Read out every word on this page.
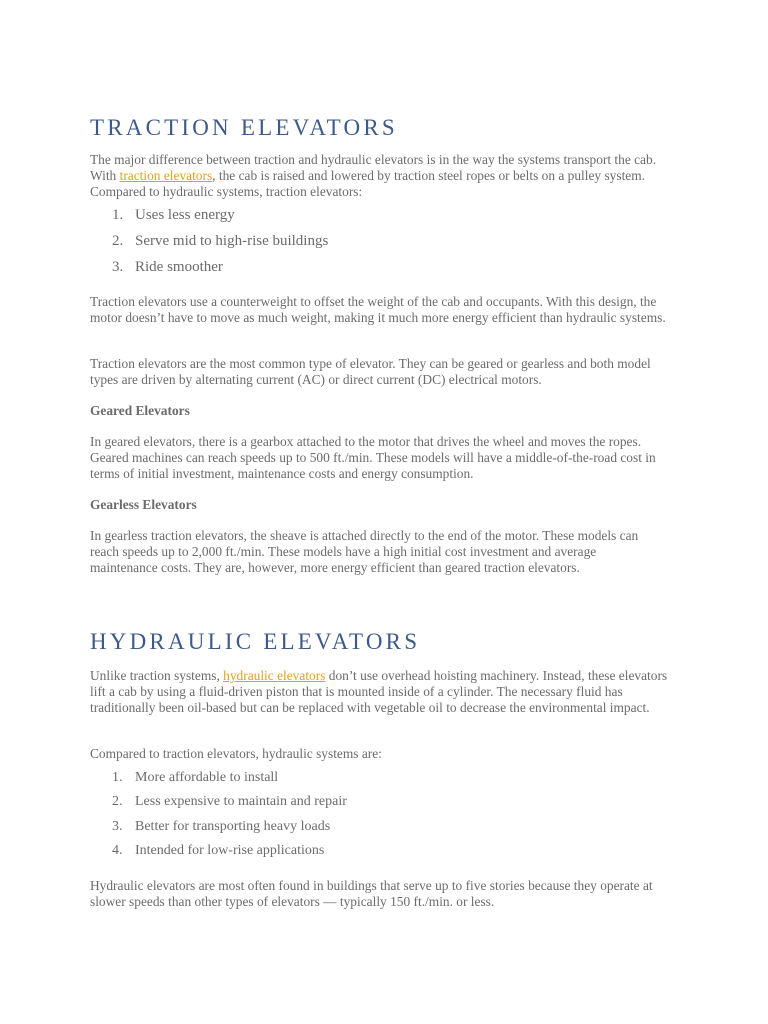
TRACTION ELEVATORS

The major difference between traction and hydraulic elevators is in the way the systems transport the cab. With traction elevators, the cab is raised and lowered by traction steel ropes or belts on a pulley system. Compared to hydraulic systems, traction elevators:

1. Uses less energy
2. Serve mid to high-rise buildings
3. Ride smoother

Traction elevators use a counterweight to offset the weight of the cab and occupants. With this design, the motor doesn’t have to move as much weight, making it much more energy efficient than hydraulic systems.

Traction elevators are the most common type of elevator. They can be geared or gearless and both model types are driven by alternating current (AC) or direct current (DC) electrical motors.

Geared Elevators

In geared elevators, there is a gearbox attached to the motor that drives the wheel and moves the ropes. Geared machines can reach speeds up to 500 ft./min. These models will have a middle-of-the-road cost in terms of initial investment, maintenance costs and energy consumption.

Gearless Elevators

In gearless traction elevators, the sheave is attached directly to the end of the motor. These models can reach speeds up to 2,000 ft./min. These models have a high initial cost investment and average maintenance costs. They are, however, more energy efficient than geared traction elevators.

HYDRAULIC ELEVATORS

Unlike traction systems, hydraulic elevators don’t use overhead hoisting machinery. Instead, these elevators lift a cab by using a fluid-driven piston that is mounted inside of a cylinder. The necessary fluid has traditionally been oil-based but can be replaced with vegetable oil to decrease the environmental impact.

Compared to traction elevators, hydraulic systems are:

1. More affordable to install
2. Less expensive to maintain and repair
3. Better for transporting heavy loads
4. Intended for low-rise applications

Hydraulic elevators are most often found in buildings that serve up to five stories because they operate at slower speeds than other types of elevators — typically 150 ft./min. or less.
